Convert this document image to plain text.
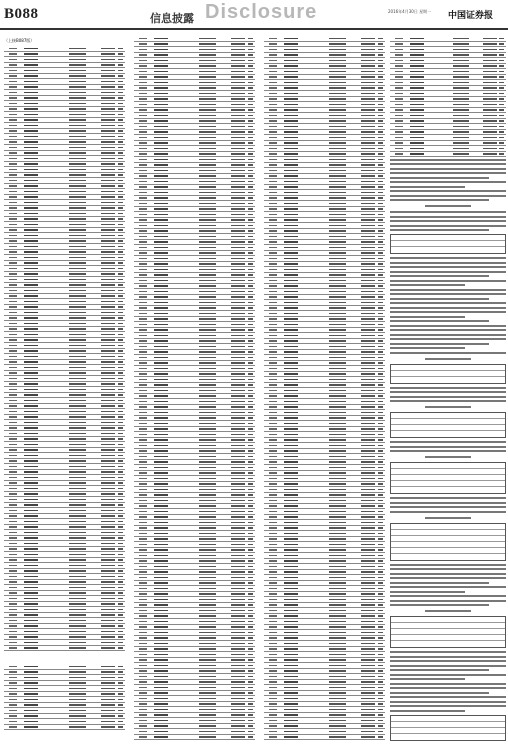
B088	信息披露 Disclosure	2016年4月30日 星期一 中国证券报
（上接B087版）
